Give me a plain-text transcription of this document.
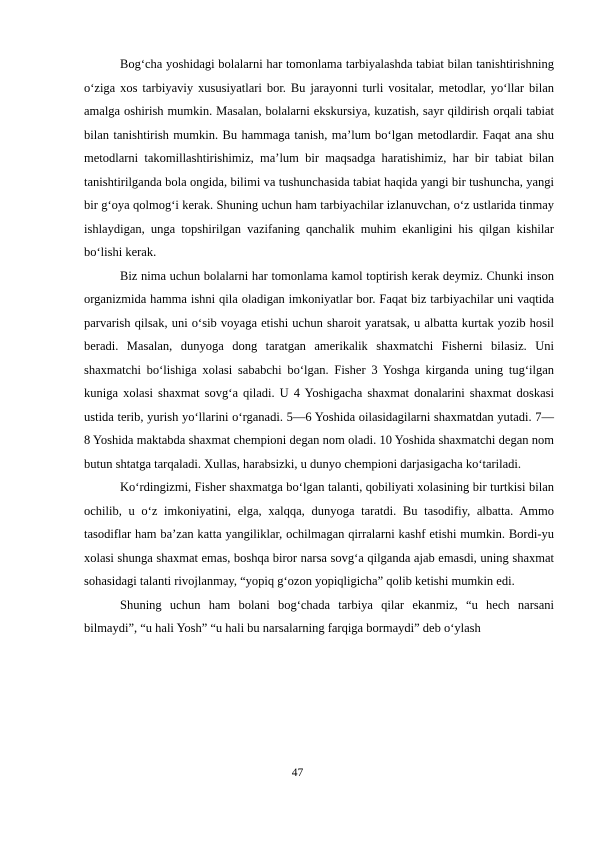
Bog‘cha yoshidagi bolalarni har tomonlama tarbiyalashda tabiat bilan tanishtirishning o‘ziga xos tarbiyaviy xususiyatlari bor. Bu jarayonni turli vositalar, metodlar, yo‘llar bilan amalga oshirish mumkin. Masalan, bolalarni ekskursiya, kuzatish, sayr qildirish orqali tabiat bilan tanishtirish mumkin. Bu hammaga tanish, ma’lum bo‘lgan metodlardir. Faqat ana shu metodlarni takomillashtirishimiz, ma’lum bir maqsadga haratishimiz, har bir tabiat bilan tanishtirilganda bola ongida, bilimi va tushunchasida tabiat haqida yangi bir tushuncha, yangi bir g‘oya qolmog‘i kerak. Shuning uchun ham tarbiyachilar izlanuvchan, o‘z ustlarida tinmay ishlaydigan, unga topshirilgan vazifaning qanchalik muhim ekanligini his qilgan kishilar bo‘lishi kerak.

Biz nima uchun bolalarni har tomonlama kamol toptirish kerak deymiz. Chunki inson organizmida hamma ishni qila oladigan imkoniyatlar bor. Faqat biz tarbiyachilar uni vaqtida parvarish qilsak, uni o‘sib voyaga etishi uchun sharoit yaratsak, u albatta kurtak yozib hosil beradi. Masalan, dunyoga dong taratgan amerikalik shaxmatchi Fisherni bilasiz. Uni shaxmatchi bo‘lishiga xolasi sababchi bo‘lgan. Fisher 3 Yoshga kirganda uning tug‘ilgan kuniga xolasi shaxmat sovg‘a qiladi. U 4 Yoshigacha shaxmat donalarini shaxmat doskasi ustida terib, yurish yo‘llarini o‘rganadi. 5—6 Yoshida oilasidagilarni shaxmatdan yutadi. 7—8 Yoshida maktabda shaxmat chempioni degan nom oladi. 10 Yoshida shaxmatchi degan nom butun shtatga tarqaladi. Xullas, harabsizki, u dunyo chempioni darjasigacha ko‘tariladi.

Ko‘rdingizmi, Fisher shaxmatga bo‘lgan talanti, qobiliyati xolasining bir turtkisi bilan ochilib, u o‘z imkoniyatini, elga, xalqqa, dunyoga taratdi. Bu tasodifiy, albatta. Ammo tasodiflar ham ba’zan katta yangiliklar, ochilmagan qirralarni kashf etishi mumkin. Bordi-yu xolasi shunga shaxmat emas, boshqa biror narsa sovg‘a qilganda ajab emasdi, uning shaxmat sohasidagi talanti rivojlanmay, “yopiq g‘ozon yopiqligicha” qolib ketishi mumkin edi.

Shuning uchun ham bolani bog‘chada tarbiya qilar ekanmiz, “u hech narsani bilmaydi”, “u hali Yosh” “u hali bu narsalarning farqiga bormaydi” deb o‘ylash

47
